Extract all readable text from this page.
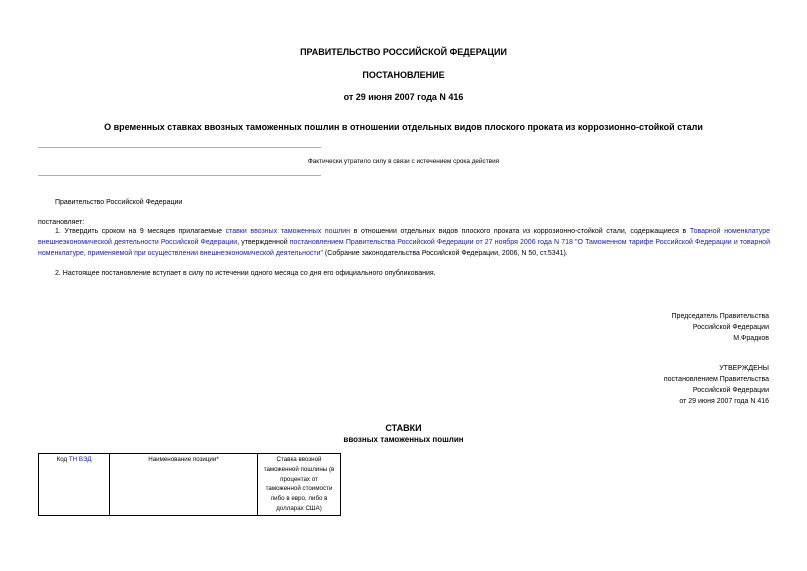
ПРАВИТЕЛЬСТВО РОССИЙСКОЙ ФЕДЕРАЦИИ
ПОСТАНОВЛЕНИЕ
от 29 июня 2007 года N 416
О временных ставках ввозных таможенных пошлин в отношении отдельных видов плоского проката из коррозионно-стойкой стали
Фактически утратило силу в связи с истечением срока действия
Правительство Российской Федерации
постановляет:
1. Утвердить сроком на 9 месяцев прилагаемые ставки ввозных таможенных пошлин в отношении отдельных видов плоского проката из коррозионно-стойкой стали, содержащиеся в Товарной номенклатуре внешнеэкономической деятельности Российской Федерации, утвержденной постановлением Правительства Российской Федерации от 27 ноября 2006 года N 718 "О Таможенном тарифе Российской Федерации и товарной номенклатуре, применяемой при осуществлении внешнеэкономической деятельности" (Собрание законодательства Российской Федерации, 2006, N 50, ст.5341).
2. Настоящее постановление вступает в силу по истечении одного месяца со дня его официального опубликования.
Председатель Правительства
Российской Федерации
М.Фрадков
УТВЕРЖДЕНЫ
постановлением Правительства
Российской Федерации
от 29 июня 2007 года N 416
СТАВКИ
ввозных таможенных пошлин
Код ТН ВЭД	Наименование позиции*	Ставка ввозной
таможенной пошлины (в
процентах от
таможенной стоимости
либо в евро, либо в
долларах США)
